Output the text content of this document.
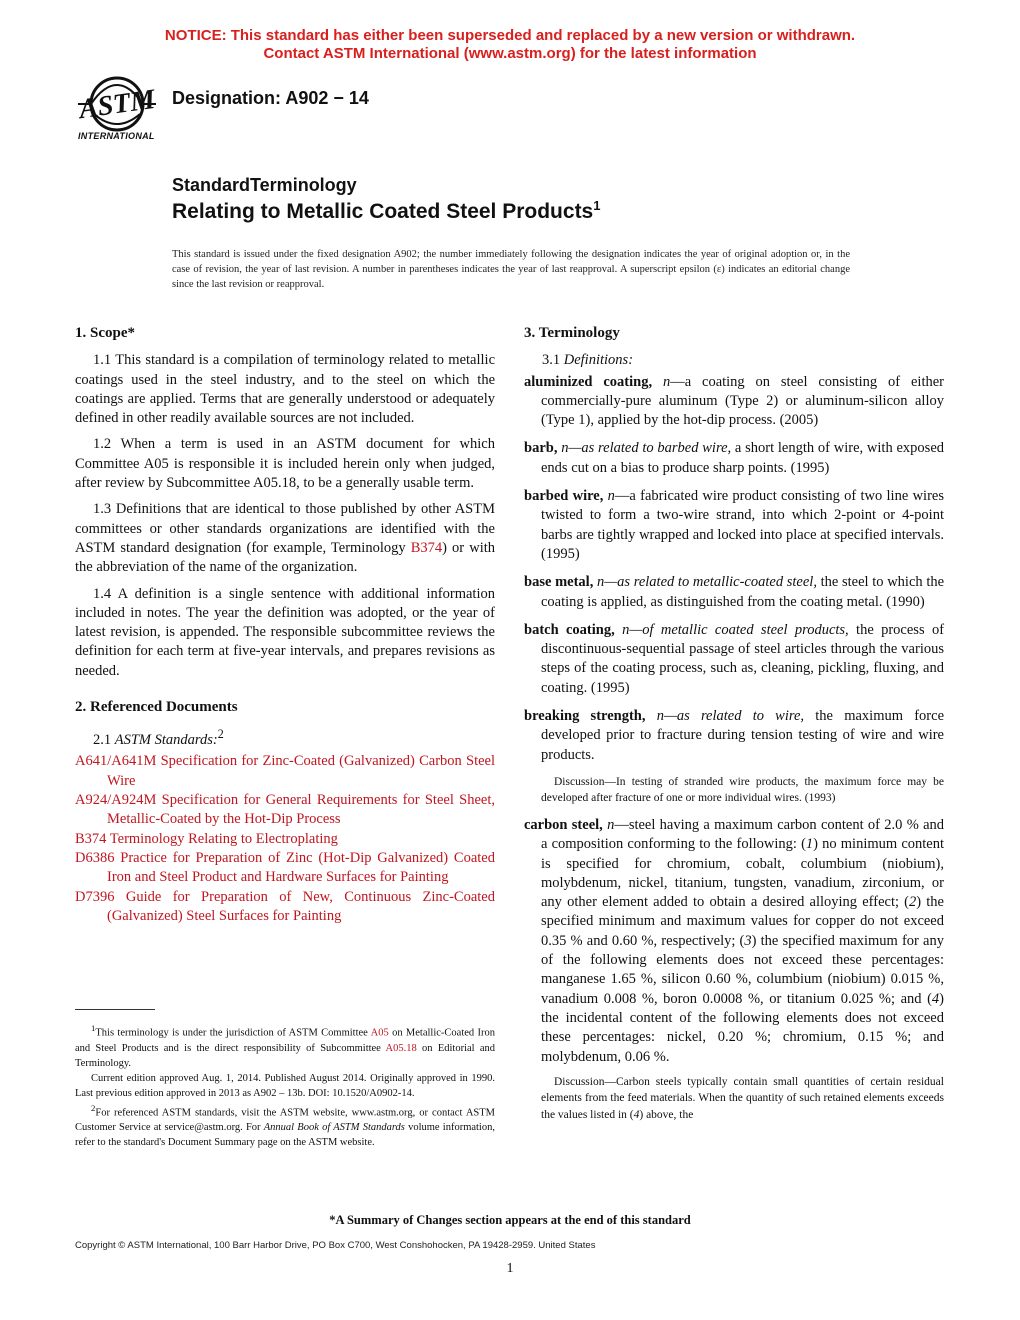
NOTICE: This standard has either been superseded and replaced by a new version or withdrawn.
Contact ASTM International (www.astm.org) for the latest information
ASTM
INTERNATIONAL
Designation: A902 − 14
StandardTerminology
Relating to Metallic Coated Steel Products$^1$
This standard is issued under the fixed designation A902; the number immediately following the designation indicates the year of original adoption or, in the case of revision, the year of last revision. A number in parentheses indicates the year of last reapproval. A superscript epsilon (ε) indicates an editorial change since the last revision or reapproval.
1. Scope*

1.1 This standard is a compilation of terminology related to metallic coatings used in the steel industry, and to the steel on which the coatings are applied. Terms that are generally understood or adequately defined in other readily available sources are not included.

1.2 When a term is used in an ASTM document for which Committee A05 is responsible it is included herein only when judged, after review by Subcommittee A05.18, to be a generally usable term.

1.3 Definitions that are identical to those published by other ASTM committees or other standards organizations are identified with the ASTM standard designation (for example, Terminology B374) or with the abbreviation of the name of the organization.

1.4 A definition is a single sentence with additional information included in notes. The year the definition was adopted, or the year of latest revision, is appended. The responsible subcommittee reviews the definition for each term at five-year intervals, and prepares revisions as needed.

2. Referenced Documents

2.1 ASTM Standards:$^2$

A641/A641M Specification for Zinc-Coated (Galvanized) Carbon Steel Wire

A924/A924M Specification for General Requirements for Steel Sheet, Metallic-Coated by the Hot-Dip Process

B374 Terminology Relating to Electroplating

D6386 Practice for Preparation of Zinc (Hot-Dip Galvanized) Coated Iron and Steel Product and Hardware Surfaces for Painting

D7396 Guide for Preparation of New, Continuous Zinc-Coated (Galvanized) Steel Surfaces for Painting

3. Terminology

3.1 Definitions:

aluminized coating, n—a coating on steel consisting of either commercially-pure aluminum (Type 2) or aluminum-silicon alloy (Type 1), applied by the hot-dip process. (2005)

barb, n—as related to barbed wire, a short length of wire, with exposed ends cut on a bias to produce sharp points. (1995)

barbed wire, n—a fabricated wire product consisting of two line wires twisted to form a two-wire strand, into which 2-point or 4-point barbs are tightly wrapped and locked into place at specified intervals. (1995)

base metal, n—as related to metallic-coated steel, the steel to which the coating is applied, as distinguished from the coating metal. (1990)

batch coating, n—of metallic coated steel products, the process of discontinuous-sequential passage of steel articles through the various steps of the coating process, such as, cleaning, pickling, fluxing, and coating. (1995)

breaking strength, n—as related to wire, the maximum force developed prior to fracture during tension testing of wire and wire products.

Discussion—In testing of stranded wire products, the maximum force may be developed after fracture of one or more individual wires. (1993)

carbon steel, n—steel having a maximum carbon content of 2.0 % and a composition conforming to the following: (1) no minimum content is specified for chromium, cobalt, columbium (niobium), molybdenum, nickel, titanium, tungsten, vanadium, zirconium, or any other element added to obtain a desired alloying effect; (2) the specified minimum and maximum values for copper do not exceed 0.35 % and 0.60 %, respectively; (3) the specified maximum for any of the following elements does not exceed these percentages: manganese 1.65 %, silicon 0.60 %, columbium (niobium) 0.015 %, vanadium 0.008 %, boron 0.0008 %, or titanium 0.025 %; and (4) the incidental content of the following elements does not exceed these percentages: nickel, 0.20 %; chromium, 0.15 %; and molybdenum, 0.06 %.

Discussion—Carbon steels typically contain small quantities of certain residual elements from the feed materials. When the quantity of such retained elements exceeds the values listed in (4) above, the

$^1$This terminology is under the jurisdiction of ASTM Committee A05 on Metallic-Coated Iron and Steel Products and is the direct responsibility of Subcommittee A05.18 on Editorial and Terminology.

Current edition approved Aug. 1, 2014. Published August 2014. Originally approved in 1990. Last previous edition approved in 2013 as A902 – 13b. DOI: 10.1520/A0902-14.

$^2$For referenced ASTM standards, visit the ASTM website, www.astm.org, or contact ASTM Customer Service at service@astm.org. For Annual Book of ASTM Standards volume information, refer to the standard's Document Summary page on the ASTM website.

*A Summary of Changes section appears at the end of this standard
Copyright © ASTM International, 100 Barr Harbor Drive, PO Box C700, West Conshohocken, PA 19428-2959. United States
1
